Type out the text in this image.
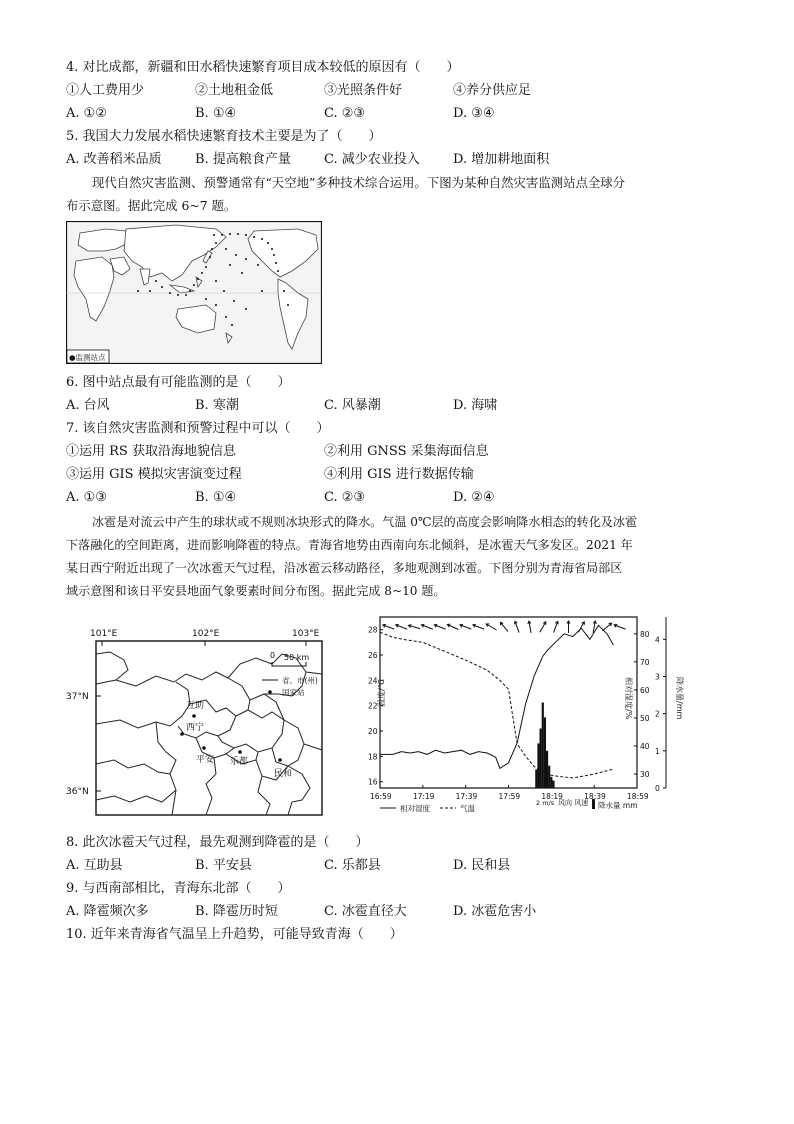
4. 对比成都，新疆和田水稻快速繁育项目成本较低的原因有（　　）
①人工费用少	②土地租金低	③光照条件好	④养分供应足
A. ①②	B. ①④	C. ②③	D. ③④
5. 我国大力发展水稻快速繁育技术主要是为了（　　）
A. 改善稻米品质	B. 提高粮食产量	C. 减少农业投入	D. 增加耕地面积
现代自然灾害监测、预警通常有“天空地”多种技术综合运用。下图为某种自然灾害监测站点全球分
布示意图。据此完成 6~7 题。
●监测站点
6. 图中站点最有可能监测的是（　　）
A. 台风	B. 寒潮	C. 风暴潮	D. 海啸
7. 该自然灾害监测和预警过程中可以（　　）
①运用 RS 获取沿海地貌信息	②利用 GNSS 采集海面信息
③运用 GIS 模拟灾害演变过程	④利用 GIS 进行数据传输
A. ①③	B. ①④	C. ②③	D. ②④
冰雹是对流云中产生的球状或不规则冰块形式的降水。气温 0℃层的高度会影响降水相态的转化及冰雹
下落融化的空间距离，进而影响降雹的特点。青海省地势由西南向东北倾斜，是冰雹天气多发区。2021 年
某日西宁附近出现了一次冰雹天气过程，沿冰雹云移动路径，多地观测到冰雹。下图分别为青海省局部区
域示意图和该日平安县地面气象要素时间分布图。据此完成 8~10 题。
101°E	102°E	103°E
37°N
36°N
0 50 km
省、市(州)
国家站
互助
西宁
平安 乐都
民和
温度/℃	相对湿度/%	降水量/mm
相对湿度	气温
2 m/s 风向 风速 降水量 mm
16:59	17:19	17:39	17:59	18:19	18:39	18:59
16
18
20
22
24
26
28
30
40
50
60
70
80
0
1
2
3
4
8. 此次冰雹天气过程，最先观测到降雹的是（　　）
A. 互助县	B. 平安县	C. 乐都县	D. 民和县
9. 与西南部相比，青海东北部（　　）
A. 降雹频次多	B. 降雹历时短	C. 冰雹直径大	D. 冰雹危害小
10. 近年来青海省气温呈上升趋势，可能导致青海（　　）
